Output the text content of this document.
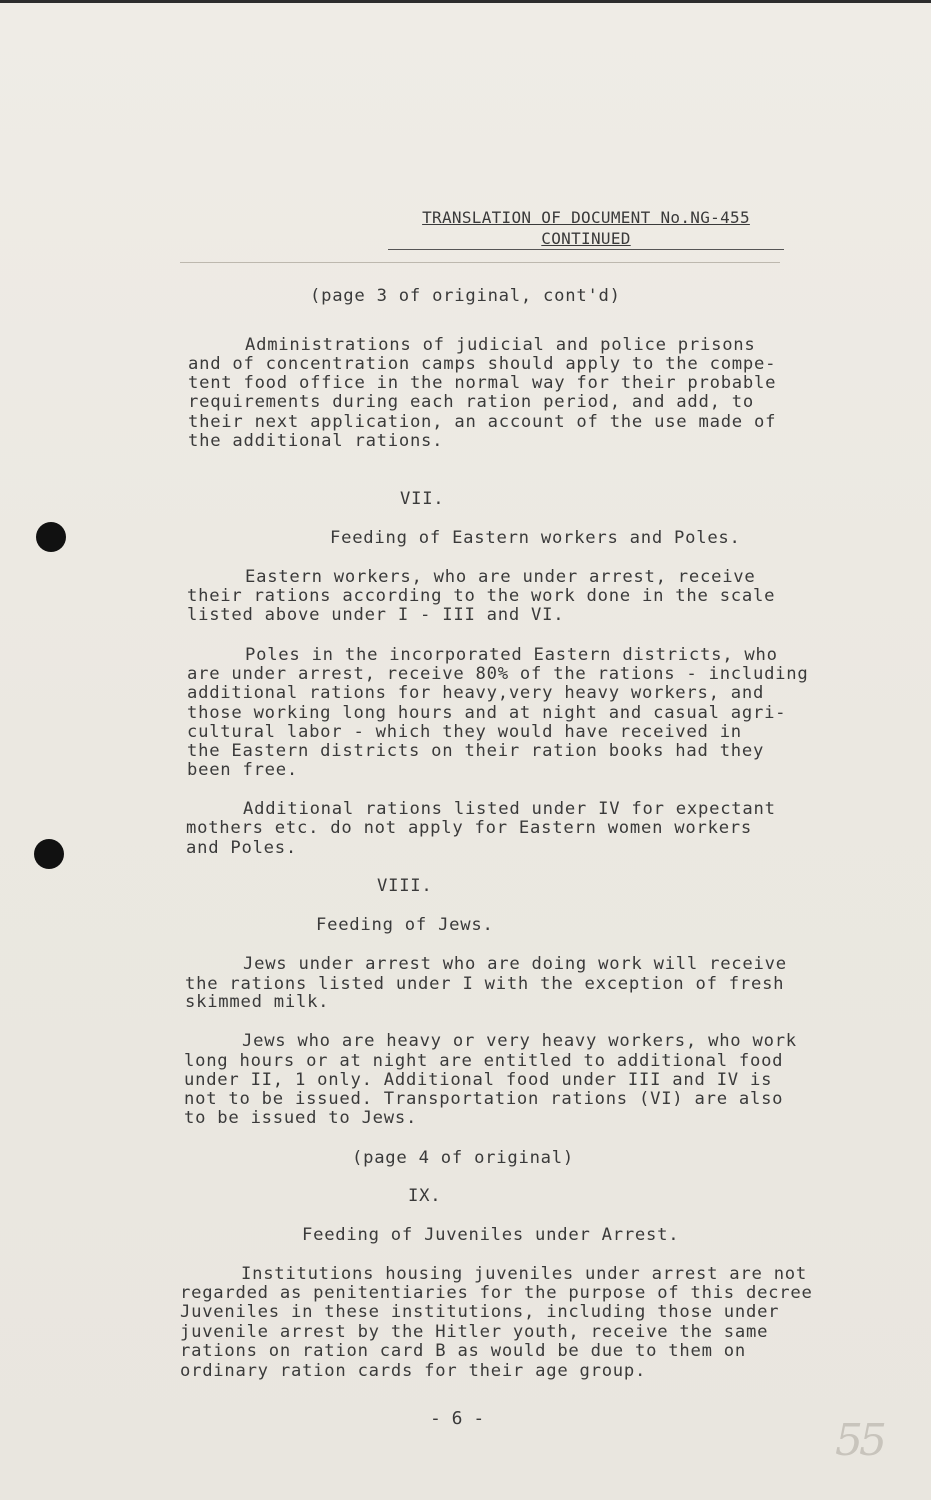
TRANSLATION OF DOCUMENT No.NG-455
CONTINUED
(page 3 of original, cont'd)
Administrations of judicial and police prisons
and of concentration camps should apply to the compe-
tent food office in the normal way for their probable
requirements during each ration period, and add, to
their next application, an account of the use made of
the additional rations.
VII.
Feeding of Eastern workers and Poles.
Eastern workers, who are under arrest, receive
their rations according to the work done in the scale
listed above under I - III and VI.
Poles in the incorporated Eastern districts, who
are under arrest, receive 80% of the rations - including
additional rations for heavy,very heavy workers, and
those working long hours and at night and casual agri-
cultural labor - which they would have received in
the Eastern districts on their ration books had they
been free.
Additional rations listed under IV for expectant
mothers etc. do not apply for Eastern women workers
and Poles.
VIII.
Feeding of Jews.
Jews under arrest who are doing work will receive
the rations listed under I with the exception of fresh
skimmed milk.
Jews who are heavy or very heavy workers, who work
long hours or at night are entitled to additional food
under II, 1 only. Additional food under III and IV is
not to be issued. Transportation rations (VI) are also
to be issued to Jews.
(page 4 of original)
IX.
Feeding of Juveniles under Arrest.
Institutions housing juveniles under arrest are not
regarded as penitentiaries for the purpose of this decree
Juveniles in these institutions, including those under
juvenile arrest by the Hitler youth, receive the same
rations on ration card B as would be due to them on
ordinary ration cards for their age group.
- 6 -	55
